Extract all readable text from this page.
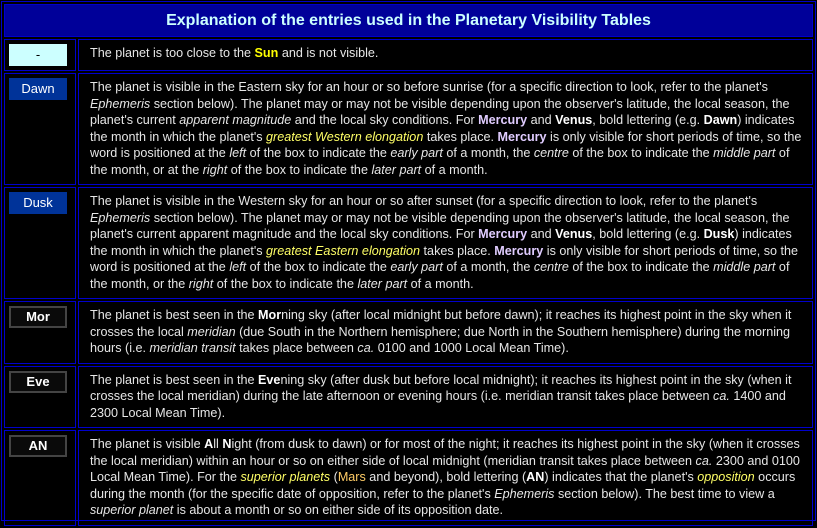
Explanation of the entries used in the Planetary Visibility Tables	

-	The planet is too close to the Sun and is not visible.

Dawn	The planet is visible in the Eastern sky for an hour or so before sunrise (for a specific direction to look, refer to the planet's Ephemeris section below). The planet may or may not be visible depending upon the observer's latitude, the local season, the planet's current apparent magnitude and the local sky conditions. For Mercury and Venus, bold lettering (e.g. Dawn) indicates the month in which the planet's greatest Western elongation takes place. Mercury is only visible for short periods of time, so the word is positioned at the left of the box to indicate the early part of a month, the centre of the box to indicate the middle part of the month, or at the right of the box to indicate the later part of a month.

Dusk	The planet is visible in the Western sky for an hour or so after sunset (for a specific direction to look, refer to the planet's Ephemeris section below). The planet may or may not be visible depending upon the observer's latitude, the local season, the planet's current apparent magnitude and the local sky conditions. For Mercury and Venus, bold lettering (e.g. Dusk) indicates the month in which the planet's greatest Eastern elongation takes place. Mercury is only visible for short periods of time, so the word is positioned at the left of the box to indicate the early part of a month, the centre of the box to indicate the middle part of the month, or the right of the box to indicate the later part of a month.

Mor	The planet is best seen in the Morning sky (after local midnight but before dawn); it reaches its highest point in the sky when it crosses the local meridian (due South in the Northern hemisphere; due North in the Southern hemisphere) during the morning hours (i.e. meridian transit takes place between ca. 0100 and 1000 Local Mean Time).

Eve	The planet is best seen in the Evening sky (after dusk but before local midnight); it reaches its highest point in the sky (when it crosses the local meridian) during the late afternoon or evening hours (i.e. meridian transit takes place between ca. 1400 and 2300 Local Mean Time).

AN	The planet is visible All Night (from dusk to dawn) or for most of the night; it reaches its highest point in the sky (when it crosses the local meridian) within an hour or so on either side of local midnight (meridian transit takes place between ca. 2300 and 0100 Local Mean Time). For the superior planets (Mars and beyond), bold lettering (AN) indicates that the planet's opposition occurs during the month (for the specific date of opposition, refer to the planet's Ephemeris section below). The best time to view a superior planet is about a month or so on either side of its opposition date.
